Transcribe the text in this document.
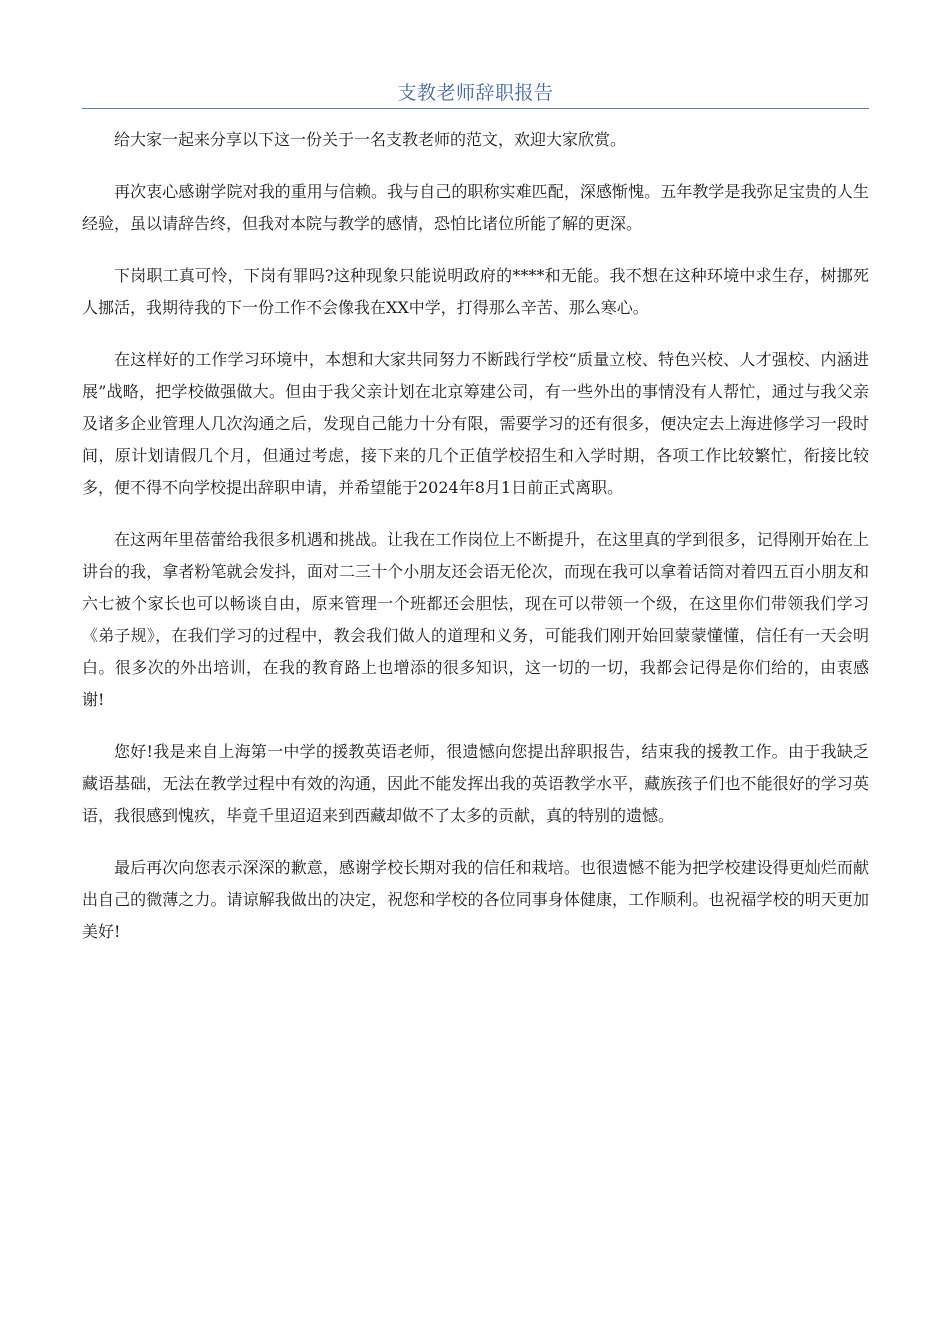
支教老师辞职报告

给大家一起来分享以下这一份关于一名支教老师的范文，欢迎大家欣赏。

再次衷心感谢学院对我的重用与信赖。我与自己的职称实难匹配，深感惭愧。五年教学是我弥足宝贵的人生经验，虽以请辞告终，但我对本院与教学的感情，恐怕比诸位所能了解的更深。

下岗职工真可怜，下岗有罪吗?这种现象只能说明政府的****和无能。我不想在这种环境中求生存，树挪死人挪活，我期待我的下一份工作不会像我在XX中学，打得那么辛苦、那么寒心。

在这样好的工作学习环境中，本想和大家共同努力不断践行学校“质量立校、特色兴校、人才强校、内涵进展”战略，把学校做强做大。但由于我父亲计划在北京筹建公司，有一些外出的事情没有人帮忙，通过与我父亲及诸多企业管理人几次沟通之后，发现自己能力十分有限，需要学习的还有很多，便决定去上海进修学习一段时间，原计划请假几个月，但通过考虑，接下来的几个正值学校招生和入学时期，各项工作比较繁忙，衔接比较多，便不得不向学校提出辞职申请，并希望能于2024年8月1日前正式离职。

在这两年里蓓蕾给我很多机遇和挑战。让我在工作岗位上不断提升，在这里真的学到很多，记得刚开始在上讲台的我，拿者粉笔就会发抖，面对二三十个小朋友还会语无伦次，而现在我可以拿着话筒对着四五百小朋友和六七被个家长也可以畅谈自由，原来管理一个班都还会胆怯，现在可以带领一个级，在这里你们带领我们学习《弟子规》，在我们学习的过程中，教会我们做人的道理和义务，可能我们刚开始回蒙蒙懂懂，信任有一天会明白。很多次的外出培训，在我的教育路上也增添的很多知识，这一切的一切，我都会记得是你们给的，由衷感谢!

您好!我是来自上海第一中学的援教英语老师，很遗憾向您提出辞职报告，结束我的援教工作。由于我缺乏藏语基础，无法在教学过程中有效的沟通，因此不能发挥出我的英语教学水平，藏族孩子们也不能很好的学习英语，我很感到愧疚，毕竟千里迢迢来到西藏却做不了太多的贡献，真的特别的遗憾。

最后再次向您表示深深的歉意，感谢学校长期对我的信任和栽培。也很遗憾不能为把学校建设得更灿烂而献出自己的微薄之力。请谅解我做出的决定，祝您和学校的各位同事身体健康，工作顺利。也祝福学校的明天更加美好!
